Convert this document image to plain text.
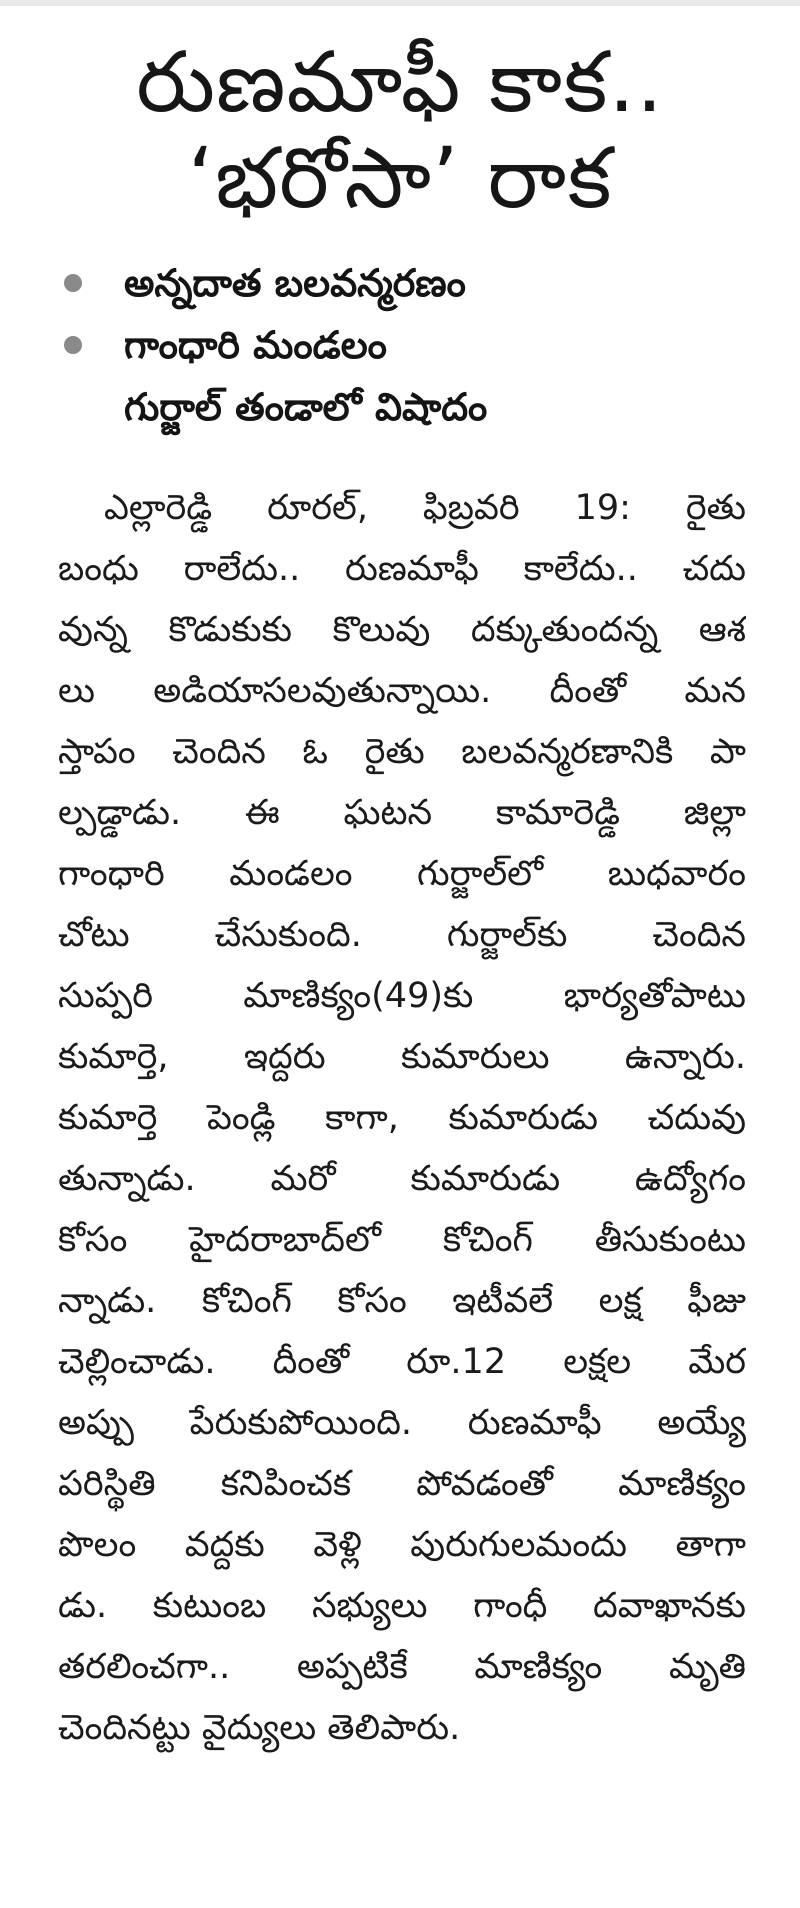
రుణమాఫీ కాక..
‘భరోసా’ రాక
అన్నదాత బలవన్మరణం
గాంధారి మండలం
గుర్జాల్ తండాలో విషాదం
ఎల్లారెడ్డి రూరల్, ఫిబ్రవరి 19: రైతు
బంధు రాలేదు.. రుణమాఫీ కాలేదు.. చదు
వున్న కొడుకుకు కొలువు దక్కుతుందన్న ఆశ
లు అడియాసలవుతున్నాయి. దీంతో మన
స్తాపం చెందిన ఓ రైతు బలవన్మరణానికి పా
ల్పడ్డాడు. ఈ ఘటన కామారెడ్డి జిల్లా
గాంధారి మండలం గుర్జాల్‌లో బుధవారం
చోటు చేసుకుంది. గుర్జాల్‌కు చెందిన
సుప్పరి మాణిక్యం(49)కు భార్యతోపాటు
కుమార్తె, ఇద్దరు కుమారులు ఉన్నారు.
కుమార్తె పెండ్లి కాగా, కుమారుడు చదువు
తున్నాడు. మరో కుమారుడు ఉద్యోగం
కోసం హైదరాబాద్‌లో కోచింగ్ తీసుకుంటు
న్నాడు. కోచింగ్ కోసం ఇటీవలే లక్ష ఫీజు
చెల్లించాడు. దీంతో రూ.12 లక్షల మేర
అప్పు పేరుకుపోయింది. రుణమాఫీ అయ్యే
పరిస్థితి కనిపించక పోవడంతో మాణిక్యం
పొలం వద్దకు వెళ్లి పురుగులమందు తాగా
డు. కుటుంబ సభ్యులు గాంధీ దవాఖానకు
తరలించగా.. అప్పటికే మాణిక్యం మృతి
చెందినట్టు వైద్యులు తెలిపారు.
